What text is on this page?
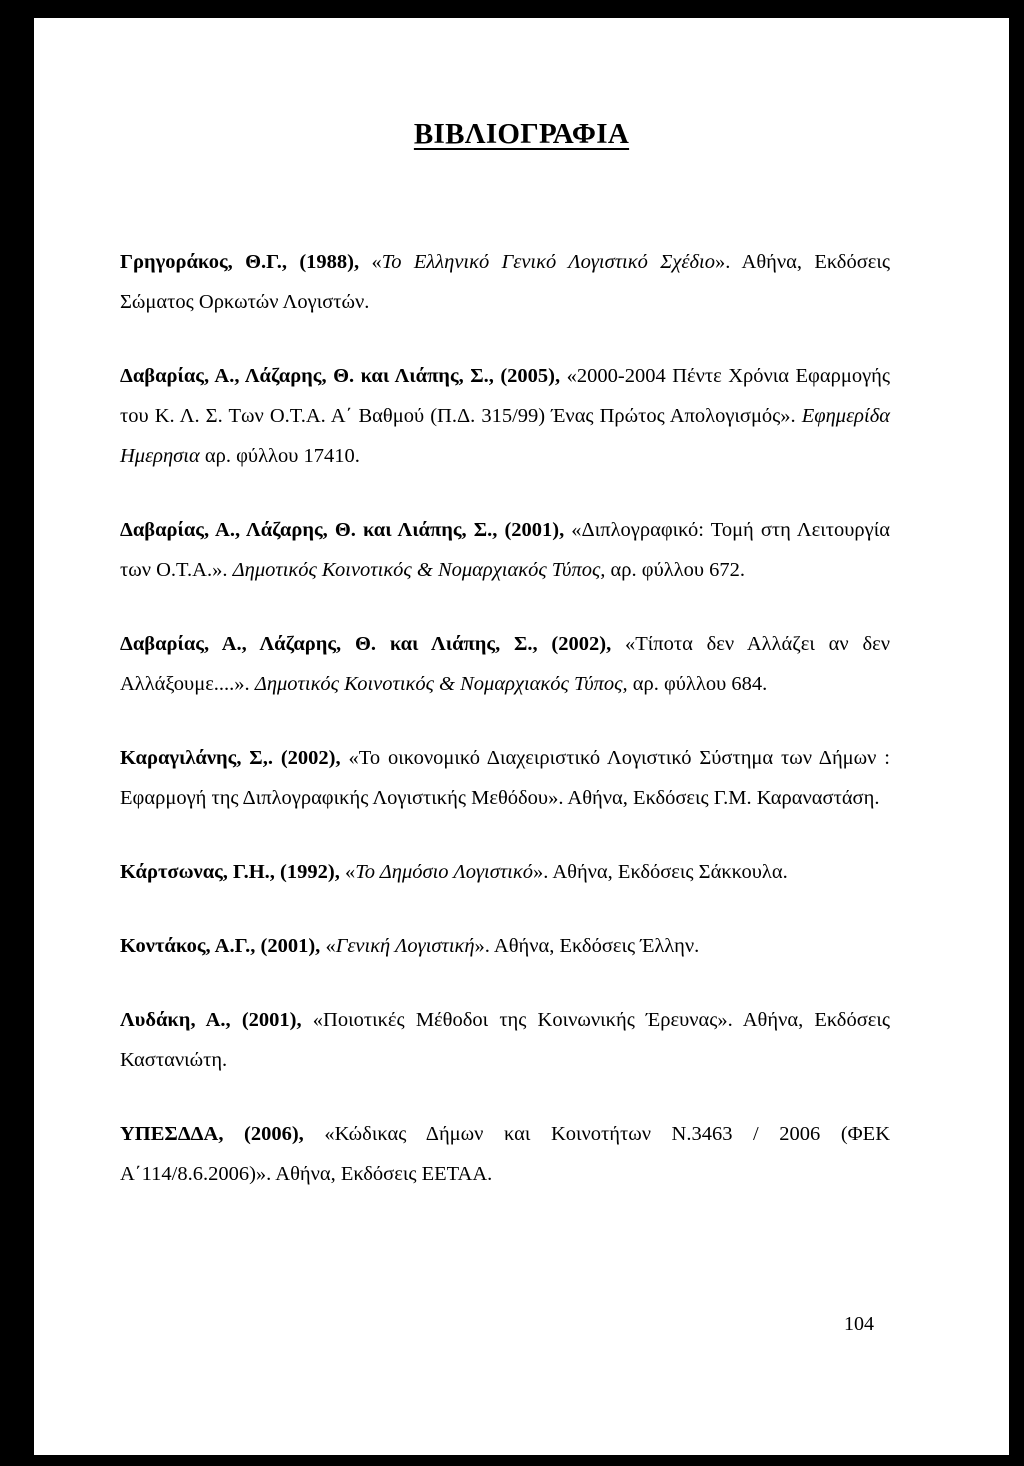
ΒΙΒΛΙΟΓΡΑΦΙΑ
Γρηγοράκος, Θ.Γ., (1988), «Το Ελληνικό Γενικό Λογιστικό Σχέδιο». Αθήνα, Εκδόσεις Σώματος Ορκωτών Λογιστών.
Δαβαρίας, Α., Λάζαρης, Θ. και Λιάπης, Σ., (2005), «2000-2004 Πέντε Χρόνια Εφαρμογής του Κ. Λ. Σ. Των Ο.Τ.Α. Α΄ Βαθμού (Π.Δ. 315/99) Ένας Πρώτος Απολογισμός». Εφημερίδα Ημερησια αρ. φύλλου 17410.
Δαβαρίας, Α., Λάζαρης, Θ. και Λιάπης, Σ., (2001), «Διπλογραφικό: Τομή στη Λειτουργία των Ο.Τ.Α.». Δημοτικός Κοινοτικός & Νομαρχιακός Τύπος, αρ. φύλλου 672.
Δαβαρίας, Α., Λάζαρης, Θ. και Λιάπης, Σ., (2002), «Τίποτα δεν Αλλάζει αν δεν Αλλάξουμε....». Δημοτικός Κοινοτικός & Νομαρχιακός Τύπος, αρ. φύλλου 684.
Καραγιλάνης, Σ,. (2002), «Το οικονομικό Διαχειριστικό Λογιστικό Σύστημα των Δήμων : Εφαρμογή της Διπλογραφικής Λογιστικής Μεθόδου». Αθήνα, Εκδόσεις Γ.Μ. Καραναστάση.
Κάρτσωνας, Γ.Η., (1992), «Το Δημόσιο Λογιστικό». Αθήνα, Εκδόσεις Σάκκουλα.
Κοντάκος, Α.Γ., (2001), «Γενική Λογιστική». Αθήνα, Εκδόσεις Έλλην.
Λυδάκη, Α., (2001), «Ποιοτικές Μέθοδοι της Κοινωνικής Έρευνας». Αθήνα, Εκδόσεις Καστανιώτη.
ΥΠΕΣΔΔΑ, (2006), «Κώδικας Δήμων και Κοινοτήτων Ν.3463 / 2006 (ΦΕΚ Α΄114/8.6.2006)». Αθήνα, Εκδόσεις ΕΕΤΑΑ.
104
